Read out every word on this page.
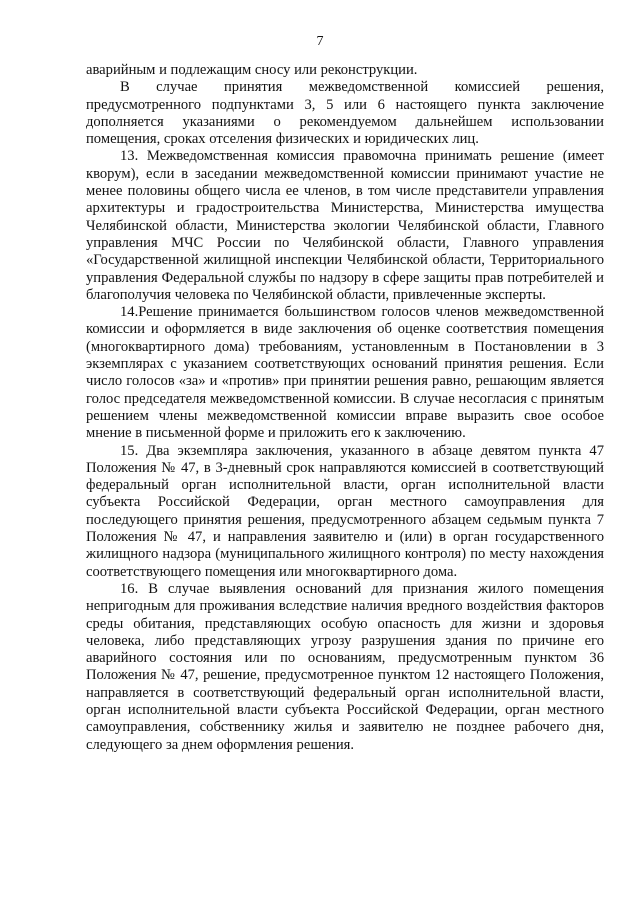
7

аварийным и подлежащим сносу или реконструкции.

В случае принятия межведомственной комиссией решения, предусмотренного подпунктами 3, 5 или 6 настоящего пункта заключение дополняется указаниями о рекомендуемом дальнейшем использовании помещения, сроках отселения физических и юридических лиц.

13. Межведомственная комиссия правомочна принимать решение (имеет кворум), если в заседании межведомственной комиссии принимают участие не менее половины общего числа ее членов, в том числе представители управления архитектуры и градостроительства Министерства, Министерства имущества Челябинской области, Министерства экологии Челябинской области, Главного управления МЧС России по Челябинской области, Главного управления «Государственной жилищной инспекции Челябинской области, Территориального управления Федеральной службы по надзору в сфере защиты прав потребителей и благополучия человека по Челябинской области, привлеченные эксперты.

14.Решение принимается большинством голосов членов межведомственной комиссии и оформляется в виде заключения об оценке соответствия помещения (многоквартирного дома) требованиям, установленным в Постановлении в 3 экземплярах с указанием соответствующих оснований принятия решения. Если число голосов «за» и «против» при принятии решения равно, решающим является голос председателя межведомственной комиссии. В случае несогласия с принятым решением члены межведомственной комиссии вправе выразить свое особое мнение в письменной форме и приложить его к заключению.

15. Два экземпляра заключения, указанного в абзаце девятом пункта 47 Положения № 47, в 3-дневный срок направляются комиссией в соответствующий федеральный орган исполнительной власти, орган исполнительной власти субъекта Российской Федерации, орган местного самоуправления для последующего принятия решения, предусмотренного абзацем седьмым пункта 7 Положения № 47, и направления заявителю и (или) в орган государственного жилищного надзора (муниципального жилищного контроля) по месту нахождения соответствующего помещения или многоквартирного дома.

16. В случае выявления оснований для признания жилого помещения непригодным для проживания вследствие наличия вредного воздействия факторов среды обитания, представляющих особую опасность для жизни и здоровья человека, либо представляющих угрозу разрушения здания по причине его аварийного состояния или по основаниям, предусмотренным пунктом 36 Положения № 47, решение, предусмотренное пунктом 12 настоящего Положения, направляется в соответствующий федеральный орган исполнительной власти, орган исполнительной власти субъекта Российской Федерации, орган местного самоуправления, собственнику жилья и заявителю не позднее рабочего дня, следующего за днем оформления решения.
